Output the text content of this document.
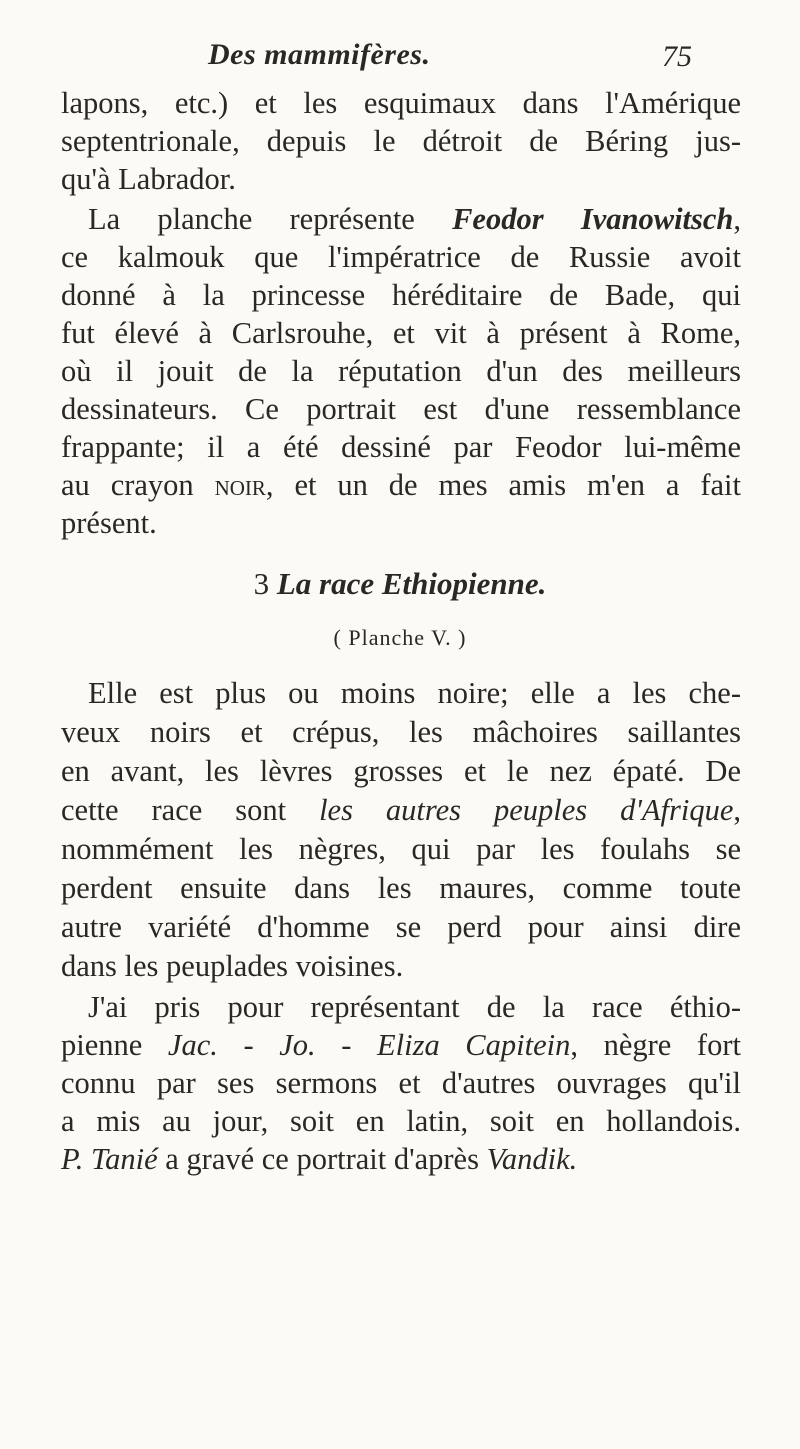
Des mammifères.	75
lapons, etc.) et les esquimaux dans l'Amérique
septentrionale, depuis le détroit de Béring jus-
qu'à Labrador.
La planche représente Feodor Ivanowitsch,
ce kalmouk que l'impératrice de Russie avoit
donné à la princesse héréditaire de Bade, qui
fut élevé à Carlsrouhe, et vit à présent à Rome,
où il jouit de la réputation d'un des meilleurs
dessinateurs. Ce portrait est d'une ressemblance
frappante; il a été dessiné par Feodor lui-même
au crayon noir, et un de mes amis m'en a fait
présent.
3 La race Ethiopienne.
( Planche V. )
Elle est plus ou moins noire; elle a les che-
veux noirs et crépus, les mâchoires saillantes
en avant, les lèvres grosses et le nez épaté. De
cette race sont les autres peuples d'Afrique,
nommément les nègres, qui par les foulahs se
perdent ensuite dans les maures, comme toute
autre variété d'homme se perd pour ainsi dire
dans les peuplades voisines.
J'ai pris pour représentant de la race éthio-
pienne Jac. - Jo. - Eliza Capitein, nègre fort
connu par ses sermons et d'autres ouvrages qu'il
a mis au jour, soit en latin, soit en hollandois.
P. Tanié a gravé ce portrait d'après Vandik.
